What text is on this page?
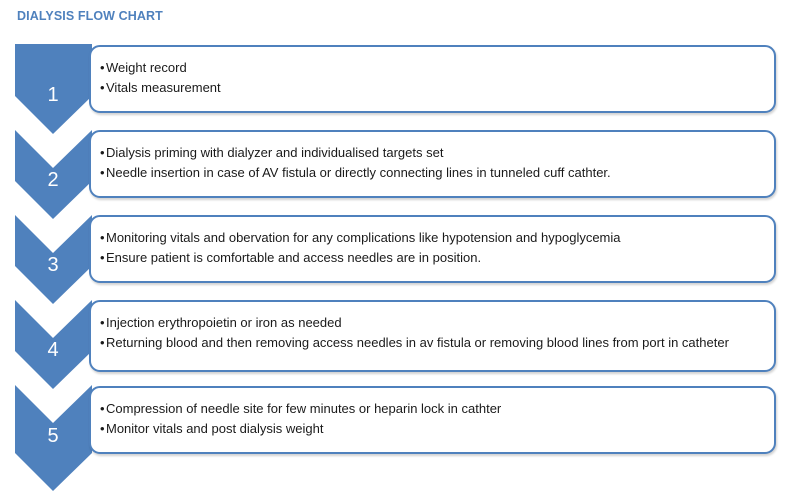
DIALYSIS FLOW CHART
• Weight record
• Vitals measurement
• Dialysis priming with dialyzer and individualised targets set
• Needle insertion in case of AV fistula or directly connecting lines in tunneled cuff cathter.
• Monitoring vitals and obervation for any complications like hypotension and hypoglycemia
• Ensure patient is comfortable and access needles are in position.
• Injection erythropoietin or iron as needed
• Returning blood and then removing access needles in av fistula or removing blood lines from port in catheter
• Compression of needle site for few minutes or heparin lock in cathter
• Monitor vitals and post dialysis weight
1
2
3
4
5
